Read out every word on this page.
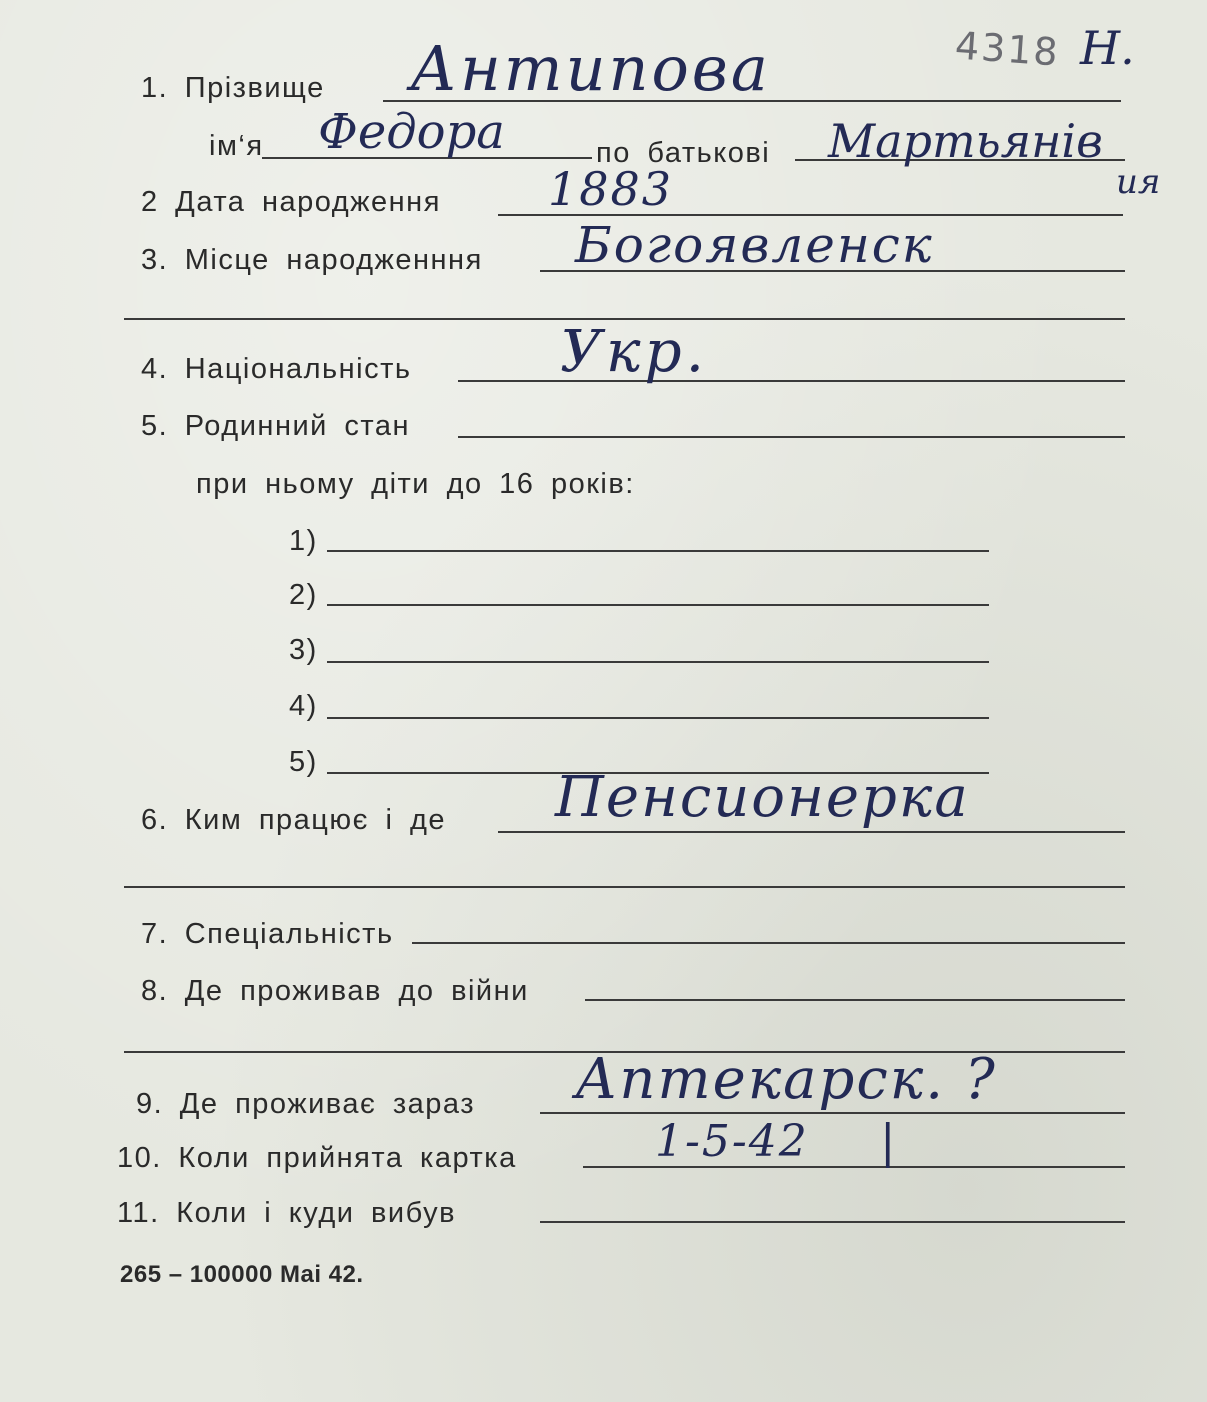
4318 Н.
1. Прізвище Антипова
ім‘я Федора	по батькові Мартьянів
ия
2 Дата народження 1883
3. Місце народженння Богоявленск
4. Національність	Укр.
5. Родинний стан
при ньому діти до 16 років:
1)
2)
3)
4)
5)
6. Ким працює і де Пенсионерка
7. Спеціальність
8. Де проживав до війни
9. Де проживає зараз Аптекарск. ?
10. Коли прийнята картка	1-5-42 |
11. Коли і куди вибув
265 – 100000 Mai 42.
